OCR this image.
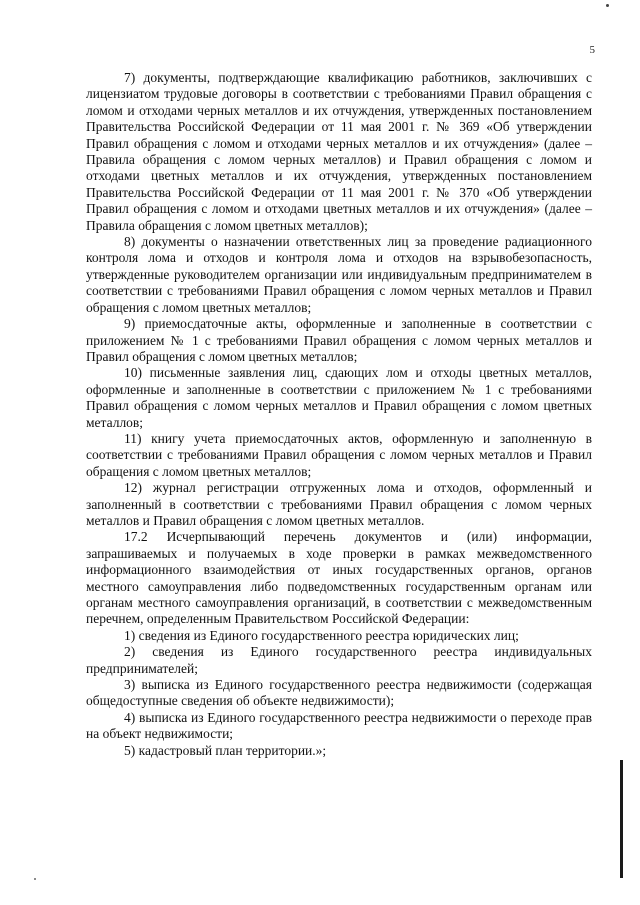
5

7) документы, подтверждающие квалификацию работников, заключивших с лицензиатом трудовые договоры в соответствии с требованиями Правил обращения с ломом и отходами черных металлов и их отчуждения, утвержденных постановлением Правительства Российской Федерации от 11 мая 2001 г. № 369 «Об утверждении Правил обращения с ломом и отходами черных металлов и их отчуждения» (далее – Правила обращения с ломом черных металлов) и Правил обращения с ломом и отходами цветных металлов и их отчуждения, утвержденных постановлением Правительства Российской Федерации от 11 мая 2001 г. № 370 «Об утверждении Правил обращения с ломом и отходами цветных металлов и их отчуждения» (далее – Правила обращения с ломом цветных металлов);

8) документы о назначении ответственных лиц за проведение радиационного контроля лома и отходов и контроля лома и отходов на взрывобезопасность, утвержденные руководителем организации или индивидуальным предпринимателем в соответствии с требованиями Правил обращения с ломом черных металлов и Правил обращения с ломом цветных металлов;

9) приемосдаточные акты, оформленные и заполненные в соответствии с приложением № 1 с требованиями Правил обращения с ломом черных металлов и Правил обращения с ломом цветных металлов;

10) письменные заявления лиц, сдающих лом и отходы цветных металлов, оформленные и заполненные в соответствии с приложением № 1 с требованиями Правил обращения с ломом черных металлов и Правил обращения с ломом цветных металлов;

11) книгу учета приемосдаточных актов, оформленную и заполненную в соответствии с требованиями Правил обращения с ломом черных металлов и Правил обращения с ломом цветных металлов;

12) журнал регистрации отгруженных лома и отходов, оформленный и заполненный в соответствии с требованиями Правил обращения с ломом черных металлов и Правил обращения с ломом цветных металлов.

17.2 Исчерпывающий перечень документов и (или) информации, запрашиваемых и получаемых в ходе проверки в рамках межведомственного информационного взаимодействия от иных государственных органов, органов местного самоуправления либо подведомственных государственным органам или органам местного самоуправления организаций, в соответствии с межведомственным перечнем, определенным Правительством Российской Федерации:

1) сведения из Единого государственного реестра юридических лиц;

2) сведения из Единого государственного реестра индивидуальных предпринимателей;

3) выписка из Единого государственного реестра недвижимости (содержащая общедоступные сведения об объекте недвижимости);

4) выписка из Единого государственного реестра недвижимости о переходе прав на объект недвижимости;

5) кадастровый план территории.»;
